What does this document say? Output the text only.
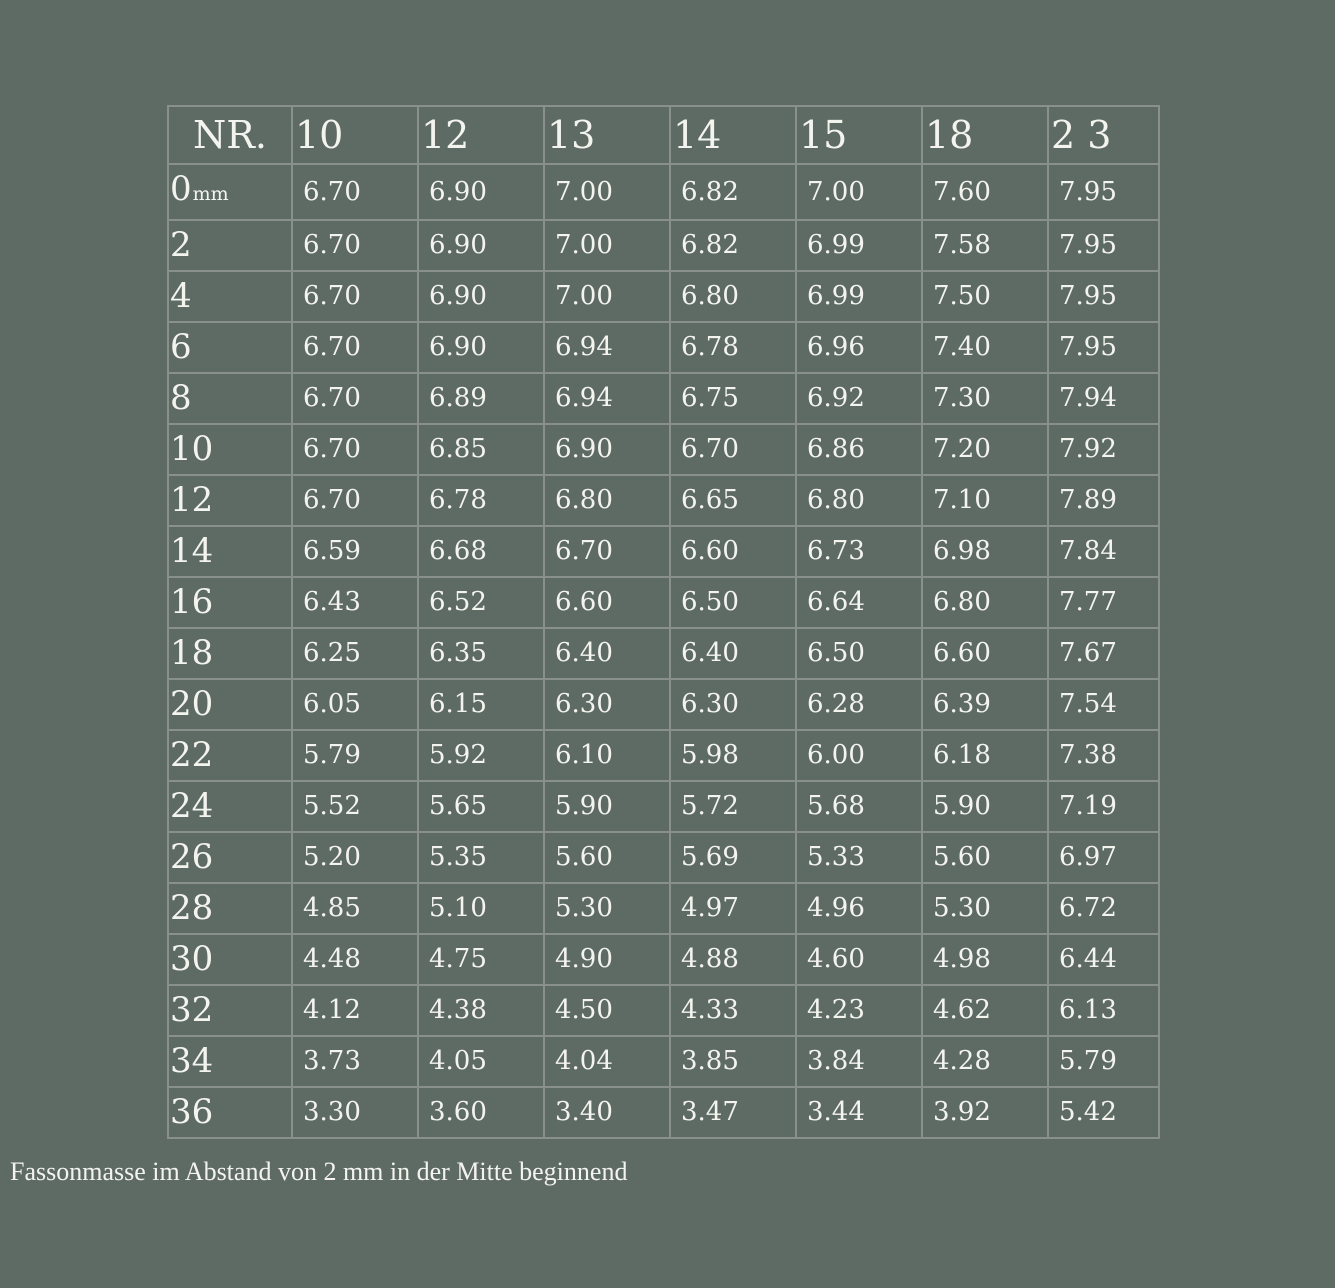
NR.	10	12	13	14	15	18	2 3
0mm	6.70	6.90	7.00	6.82	7.00	7.60	7.95
2	6.70	6.90	7.00	6.82	6.99	7.58	7.95
4	6.70	6.90	7.00	6.80	6.99	7.50	7.95
6	6.70	6.90	6.94	6.78	6.96	7.40	7.95
8	6.70	6.89	6.94	6.75	6.92	7.30	7.94
10	6.70	6.85	6.90	6.70	6.86	7.20	7.92
12	6.70	6.78	6.80	6.65	6.80	7.10	7.89
14	6.59	6.68	6.70	6.60	6.73	6.98	7.84
16	6.43	6.52	6.60	6.50	6.64	6.80	7.77
18	6.25	6.35	6.40	6.40	6.50	6.60	7.67
20	6.05	6.15	6.30	6.30	6.28	6.39	7.54
22	5.79	5.92	6.10	5.98	6.00	6.18	7.38
24	5.52	5.65	5.90	5.72	5.68	5.90	7.19
26	5.20	5.35	5.60	5.69	5.33	5.60	6.97
28	4.85	5.10	5.30	4.97	4.96	5.30	6.72
30	4.48	4.75	4.90	4.88	4.60	4.98	6.44
32	4.12	4.38	4.50	4.33	4.23	4.62	6.13
34	3.73	4.05	4.04	3.85	3.84	4.28	5.79
36	3.30	3.60	3.40	3.47	3.44	3.92	5.42
Fassonmasse im Abstand von 2 mm in der Mitte beginnend
